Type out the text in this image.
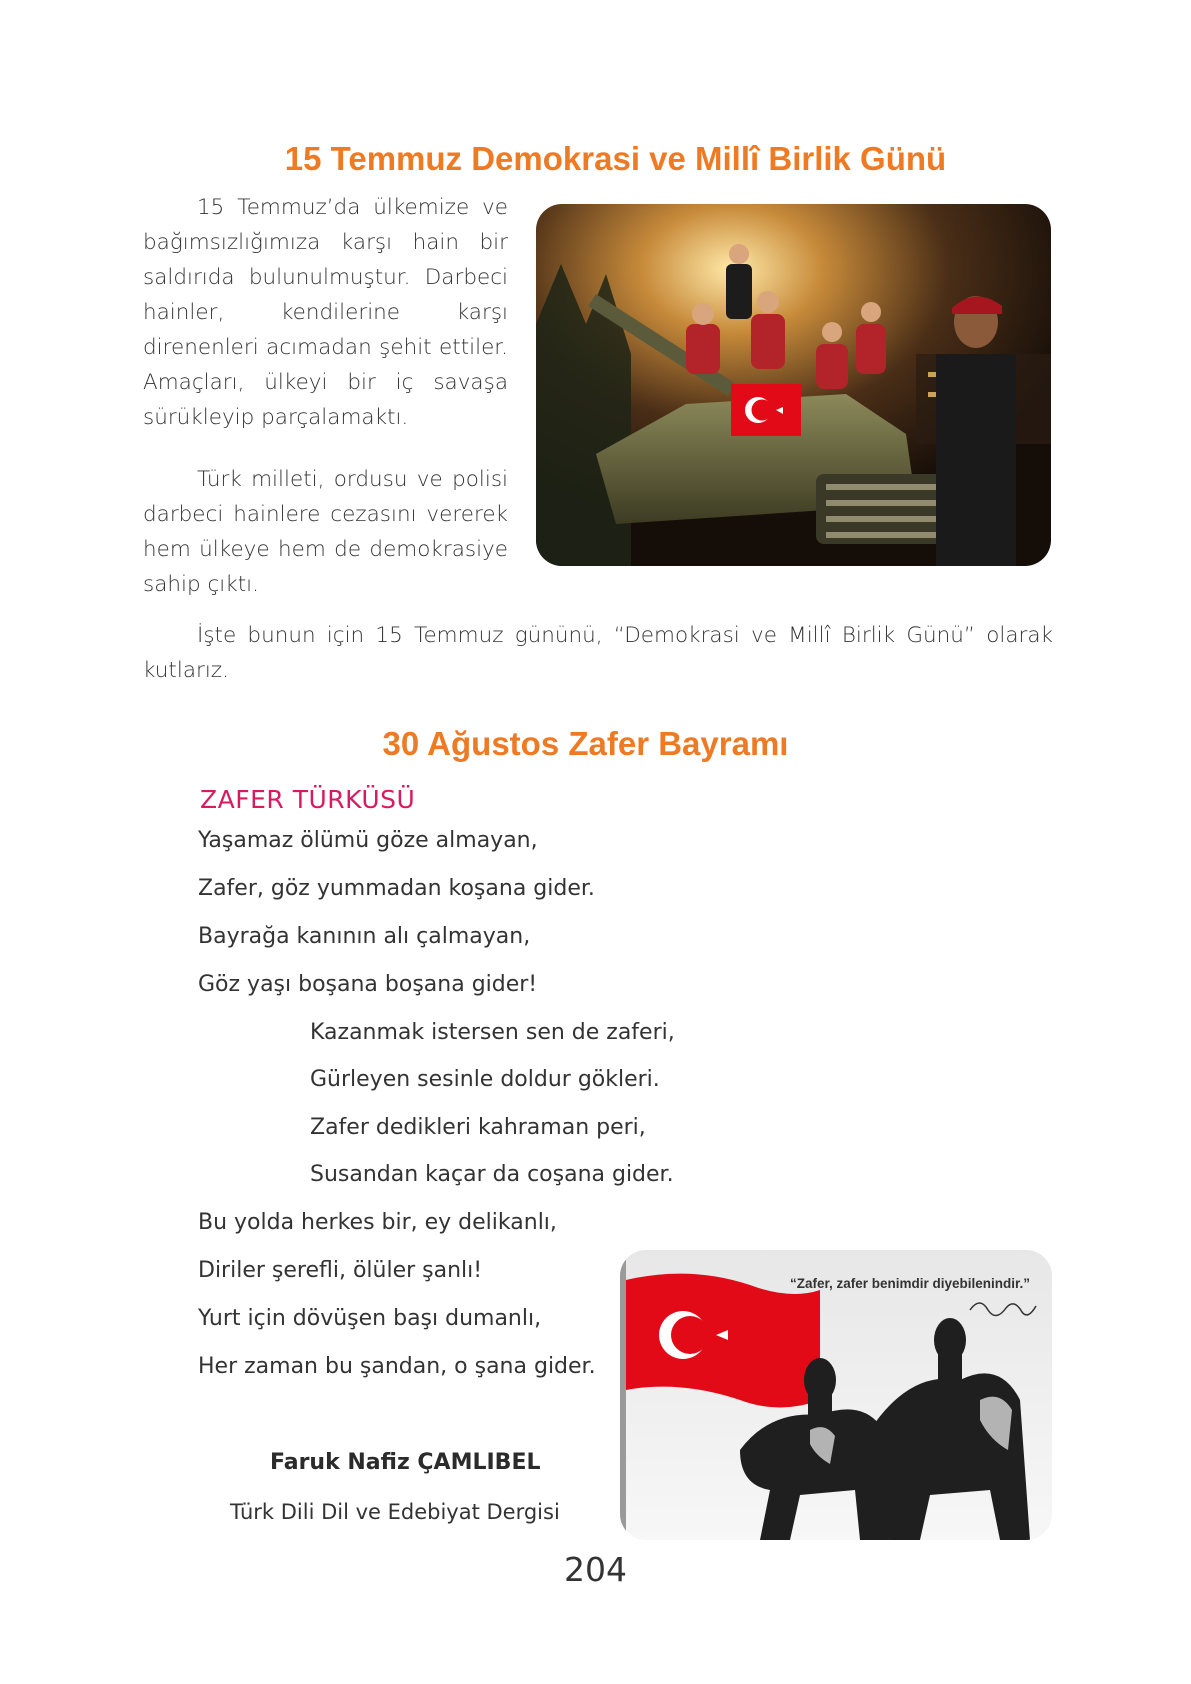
15 Temmuz Demokrasi ve Millî Birlik Günü

15 Temmuz’da ülkemize ve bağımsızlığımıza karşı hain bir saldırıda bulunulmuştur. Darbeci hainler, kendilerine karşı direnenleri acımadan şehit ettiler. Amaçları, ülkeyi bir iç savaşa sürükleyip parçalamaktı.

Türk milleti, ordusu ve polisi darbeci hainlere cezasını vererek hem ülkeye hem de demokrasiye sahip çıktı.

İşte bunun için 15 Temmuz gününü, “Demokrasi ve Millî Birlik Günü” olarak kutlarız.

30 Ağustos Zafer Bayramı

ZAFER TÜRKÜSÜ

Yaşamaz ölümü göze almayan,

Zafer, göz yummadan koşana gider.

Bayrağa kanının alı çalmayan,

Göz yaşı boşana boşana gider!

Kazanmak istersen sen de zaferi,

Gürleyen sesinle doldur gökleri.

Zafer dedikleri kahraman peri,

Susandan kaçar da coşana gider.

Bu yolda herkes bir, ey delikanlı,

Diriler şerefli, ölüler şanlı!

Yurt için dövüşen başı dumanlı,

Her zaman bu şandan, o şana gider.

Faruk Nafiz ÇAMLIBEL

Türk Dili Dil ve Edebiyat Dergisi

“Zafer, zafer benimdir diyebilenindir.”

204
